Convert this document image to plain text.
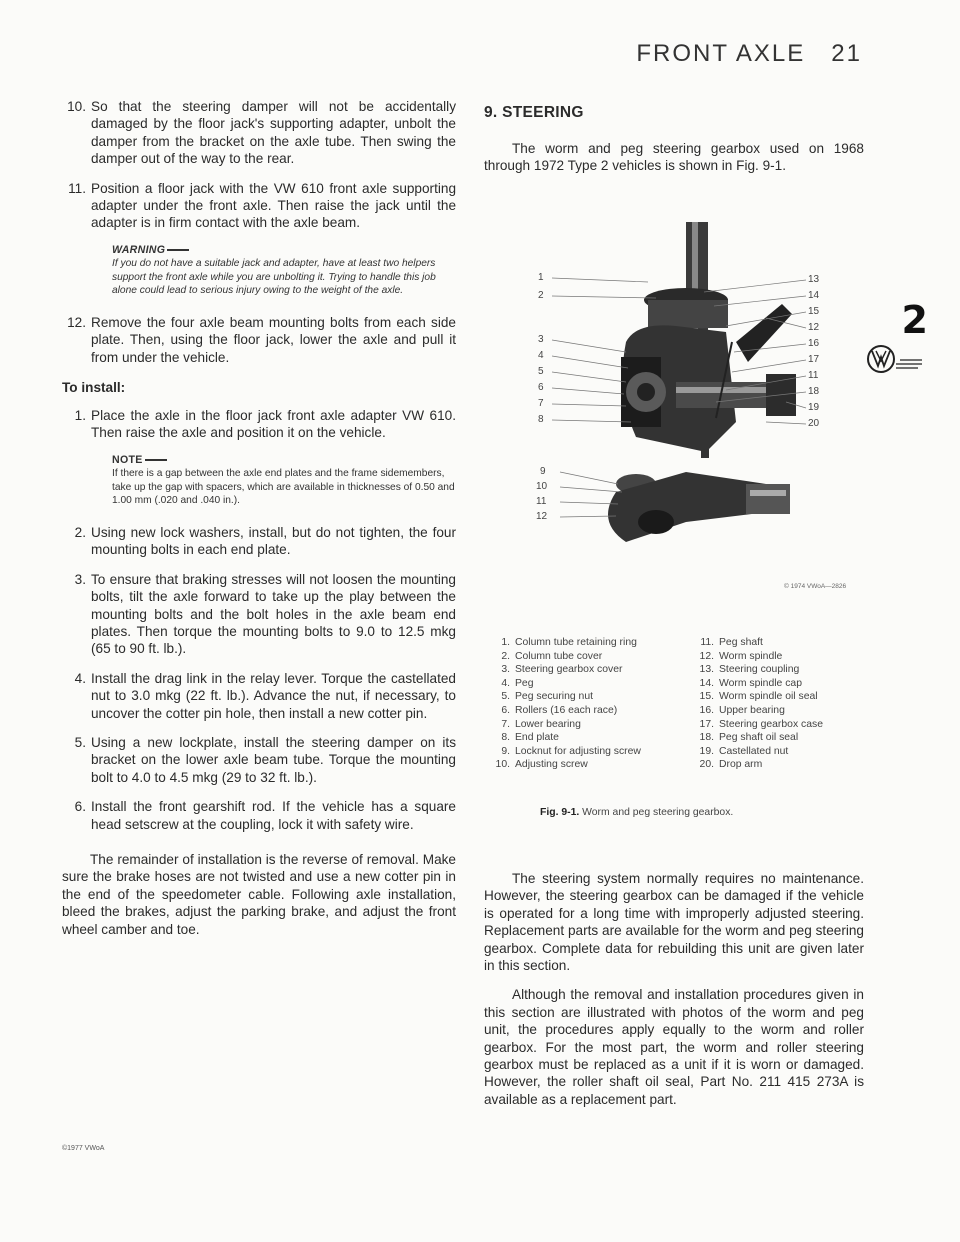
FRONT AXLE 21
2
10. So that the steering damper will not be accidentally damaged by the floor jack's supporting adapter, unbolt the damper from the bracket on the axle tube. Then swing the damper out of the way to the rear.
11. Position a floor jack with the VW 610 front axle supporting adapter under the front axle. Then raise the jack until the adapter is in firm contact with the axle beam.
WARNING
If you do not have a suitable jack and adapter, have at least two helpers support the front axle while you are unbolting it. Trying to handle this job alone could lead to serious injury owing to the weight of the axle.
12. Remove the four axle beam mounting bolts from each side plate. Then, using the floor jack, lower the axle and pull it from under the vehicle.
To install:
1. Place the axle in the floor jack front axle adapter VW 610. Then raise the axle and position it on the vehicle.
NOTE
If there is a gap between the axle end plates and the frame sidemembers, take up the gap with spacers, which are available in thicknesses of 0.50 and 1.00 mm (.020 and .040 in.).
2. Using new lock washers, install, but do not tighten, the four mounting bolts in each end plate.
3. To ensure that braking stresses will not loosen the mounting bolts, tilt the axle forward to take up the play between the mounting bolts and the bolt holes in the axle beam end plates. Then torque the mounting bolts to 9.0 to 12.5 mkg (65 to 90 ft. lb.).
4. Install the drag link in the relay lever. Torque the castellated nut to 3.0 mkg (22 ft. lb.). Advance the nut, if necessary, to uncover the cotter pin hole, then install a new cotter pin.
5. Using a new lockplate, install the steering damper on its bracket on the lower axle beam tube. Torque the mounting bolt to 4.0 to 4.5 mkg (29 to 32 ft. lb.).
6. Install the front gearshift rod. If the vehicle has a square head setscrew at the coupling, lock it with safety wire.

The remainder of installation is the reverse of removal. Make sure the brake hoses are not twisted and use a new cotter pin in the end of the speedometer cable. Following axle installation, bleed the brakes, adjust the parking brake, and adjust the front wheel camber and toe.

©1977 VWoA
9. STEERING

The worm and peg steering gearbox used on 1968 through 1972 Type 2 vehicles is shown in Fig. 9-1.

1
2
3
4
5
6
7
8
13
14
15
12
16
17
11
18
19
20
9
10
11
12
© 1974 VWoA—2826
1. Column tube retaining ring
2. Column tube cover
3. Steering gearbox cover
4. Peg
5. Peg securing nut
6. Rollers (16 each race)
7. Lower bearing
8. End plate
9. Locknut for adjusting screw
10. Adjusting screw
11. Peg shaft
12. Worm spindle
13. Steering coupling
14. Worm spindle cap
15. Worm spindle oil seal
16. Upper bearing
17. Steering gearbox case
18. Peg shaft oil seal
19. Castellated nut
20. Drop arm
Fig. 9-1. Worm and peg steering gearbox.

The steering system normally requires no maintenance. However, the steering gearbox can be damaged if the vehicle is operated for a long time with improperly adjusted steering. Replacement parts are available for the worm and peg steering gearbox. Complete data for rebuilding this unit are given later in this section.

Although the removal and installation procedures given in this section are illustrated with photos of the worm and peg unit, the procedures apply equally to the worm and roller gearbox. For the most part, the worm and roller steering gearbox must be replaced as a unit if it is worn or damaged. However, the roller shaft oil seal, Part No. 211 415 273A is available as a replacement part.
